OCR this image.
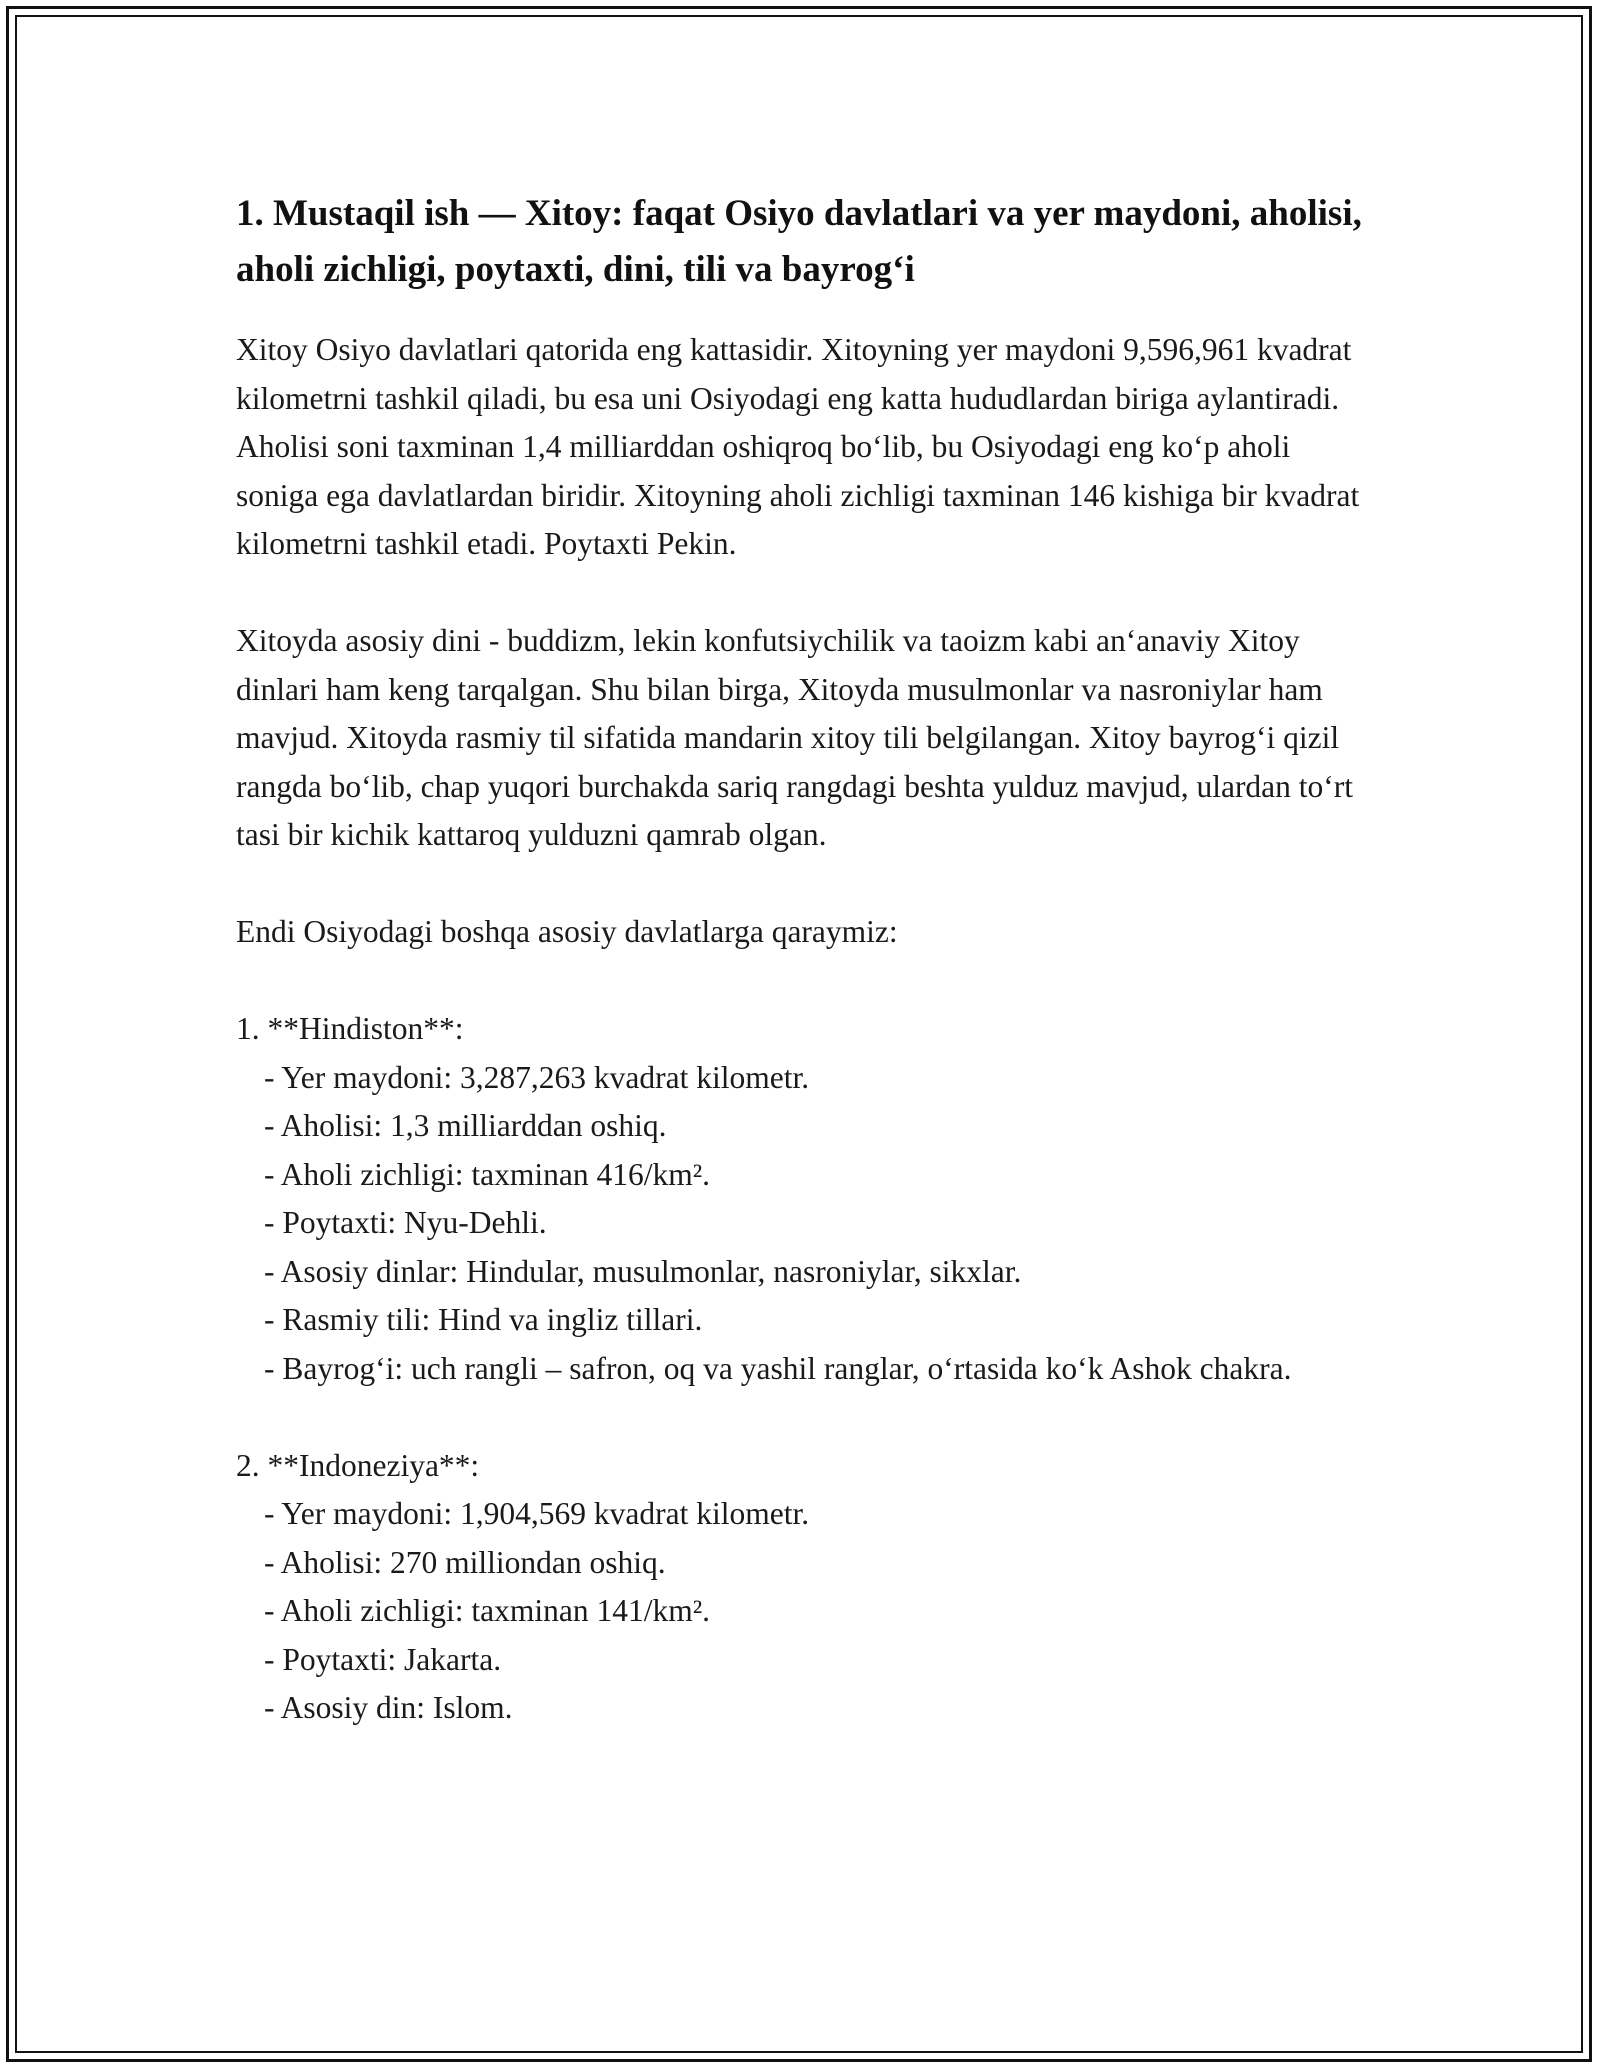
1. Mustaqil ish — Xitoy: faqat Osiyo davlatlari va yer maydoni, aholisi, aholi zichligi, poytaxti, dini, tili va bayrog‘i

Xitoy Osiyo davlatlari qatorida eng kattasidir. Xitoyning yer maydoni 9,596,961 kvadrat kilometrni tashkil qiladi, bu esa uni Osiyodagi eng katta hududlardan biriga aylantiradi. Aholisi soni taxminan 1,4 milliarddan oshiqroq bo‘lib, bu Osiyodagi eng ko‘p aholi soniga ega davlatlardan biridir. Xitoyning aholi zichligi taxminan 146 kishiga bir kvadrat kilometrni tashkil etadi. Poytaxti Pekin.

Xitoyda asosiy dini - buddizm, lekin konfutsiychilik va taoizm kabi an‘anaviy Xitoy dinlari ham keng tarqalgan. Shu bilan birga, Xitoyda musulmonlar va nasroniylar ham mavjud. Xitoyda rasmiy til sifatida mandarin xitoy tili belgilangan. Xitoy bayrog‘i qizil rangda bo‘lib, chap yuqori burchakda sariq rangdagi beshta yulduz mavjud, ulardan to‘rt tasi bir kichik kattaroq yulduzni qamrab olgan.

Endi Osiyodagi boshqa asosiy davlatlarga qaraymiz:

1. **Hindiston**:

- Yer maydoni: 3,287,263 kvadrat kilometr.

- Aholisi: 1,3 milliarddan oshiq.

- Aholi zichligi: taxminan 416/km².

- Poytaxti: Nyu-Dehli.

- Asosiy dinlar: Hindular, musulmonlar, nasroniylar, sikxlar.

- Rasmiy tili: Hind va ingliz tillari.

- Bayrog‘i: uch rangli – safron, oq va yashil ranglar, o‘rtasida ko‘k Ashok chakra.

2. **Indoneziya**:

- Yer maydoni: 1,904,569 kvadrat kilometr.

- Aholisi: 270 milliondan oshiq.

- Aholi zichligi: taxminan 141/km².

- Poytaxti: Jakarta.

- Asosiy din: Islom.
